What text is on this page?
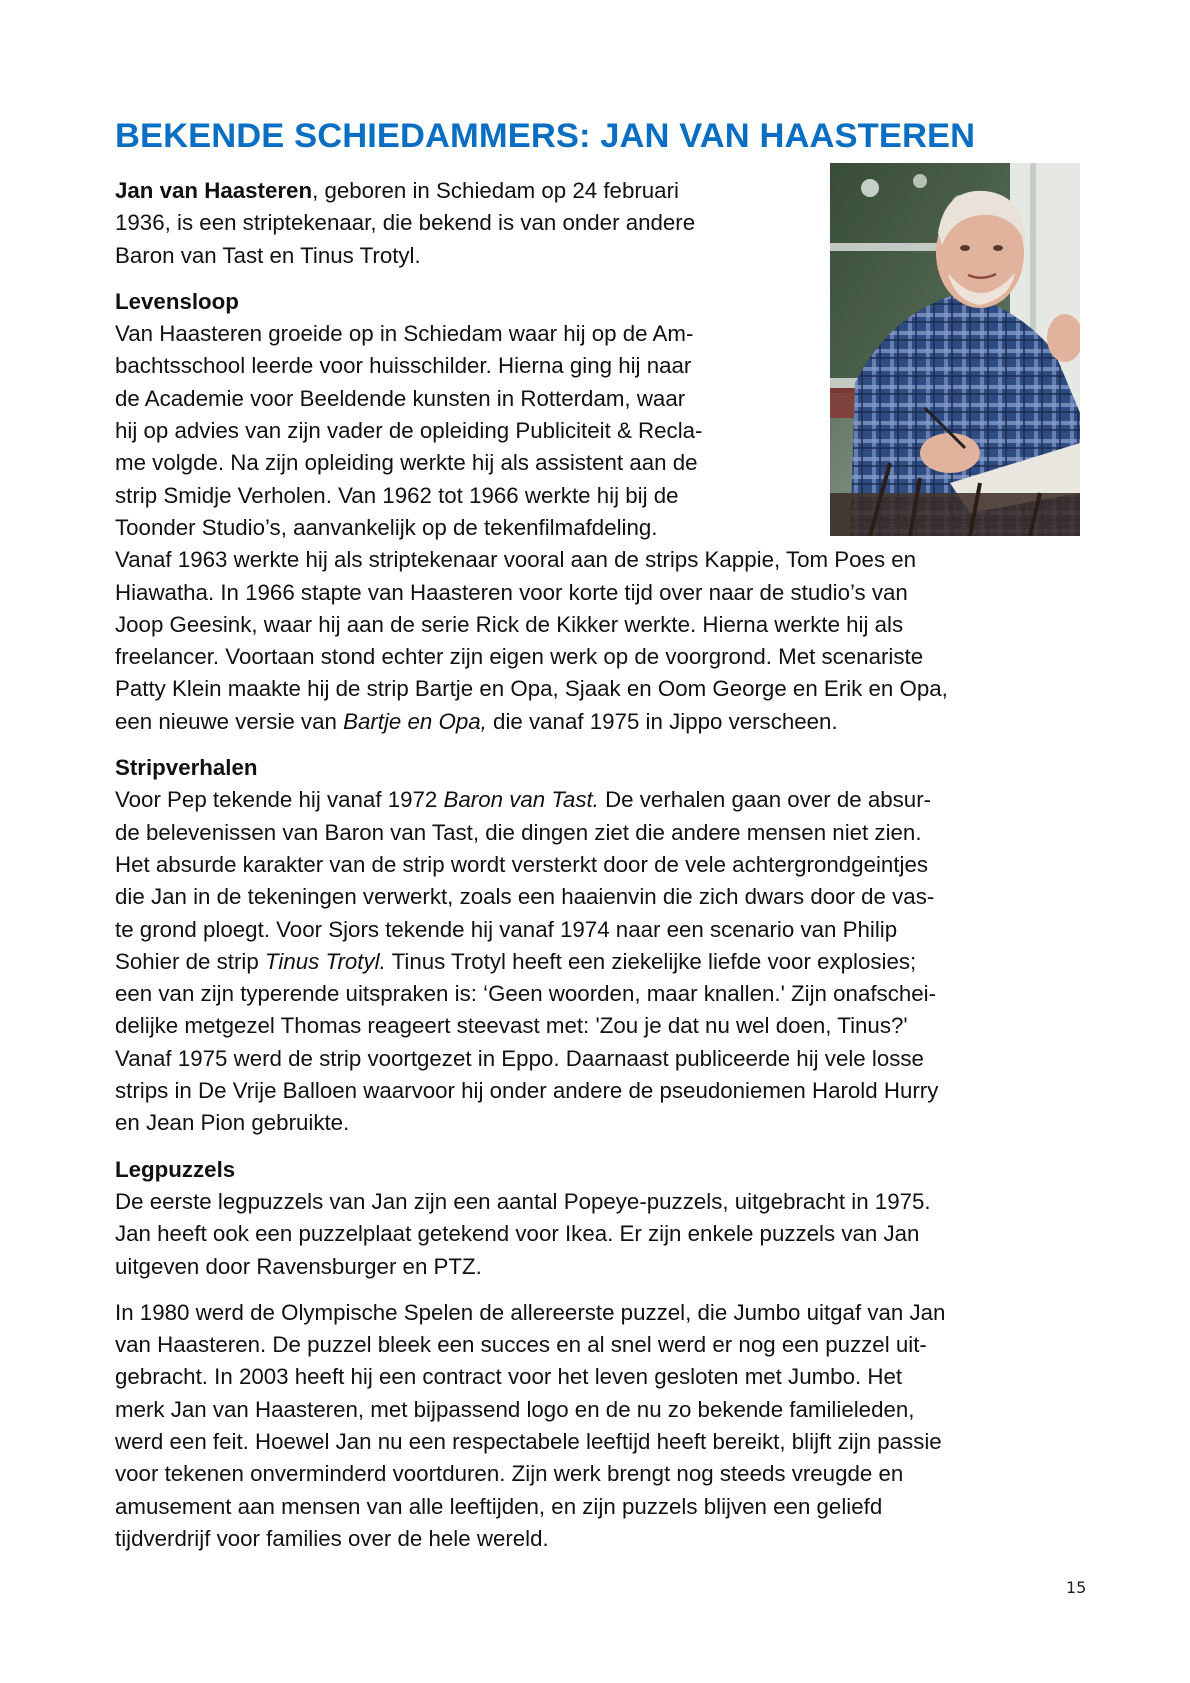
BEKENDE SCHIEDAMMERS: JAN VAN HAASTEREN

Jan van Haasteren, geboren in Schiedam op 24 februari
1936, is een striptekenaar, die bekend is van onder andere
Baron van Tast en Tinus Trotyl.

Levensloop
Van Haasteren groeide op in Schiedam waar hij op de Am-
bachtsschool leerde voor huisschilder. Hierna ging hij naar
de Academie voor Beeldende kunsten in Rotterdam, waar
hij op advies van zijn vader de opleiding Publiciteit & Recla-
me volgde. Na zijn opleiding werkte hij als assistent aan de
strip Smidje Verholen. Van 1962 tot 1966 werkte hij bij de
Toonder Studio’s, aanvankelijk op de tekenfilmafdeling.
Vanaf 1963 werkte hij als striptekenaar vooral aan de strips Kappie, Tom Poes en
Hiawatha. In 1966 stapte van Haasteren voor korte tijd over naar de studio’s van
Joop Geesink, waar hij aan de serie Rick de Kikker werkte. Hierna werkte hij als
freelancer. Voortaan stond echter zijn eigen werk op de voorgrond. Met scenariste
Patty Klein maakte hij de strip Bartje en Opa, Sjaak en Oom George en Erik en Opa,
een nieuwe versie van Bartje en Opa, die vanaf 1975 in Jippo verscheen.

Stripverhalen
Voor Pep tekende hij vanaf 1972 Baron van Tast. De verhalen gaan over de absur-
de belevenissen van Baron van Tast, die dingen ziet die andere mensen niet zien.
Het absurde karakter van de strip wordt versterkt door de vele achtergrondgeintjes
die Jan in de tekeningen verwerkt, zoals een haaienvin die zich dwars door de vas-
te grond ploegt. Voor Sjors tekende hij vanaf 1974 naar een scenario van Philip
Sohier de strip Tinus Trotyl. Tinus Trotyl heeft een ziekelijke liefde voor explosies;
een van zijn typerende uitspraken is: ‘Geen woorden, maar knallen.' Zijn onafschei-
delijke metgezel Thomas reageert steevast met: 'Zou je dat nu wel doen, Tinus?'
Vanaf 1975 werd de strip voortgezet in Eppo. Daarnaast publiceerde hij vele losse
strips in De Vrije Balloen waarvoor hij onder andere de pseudoniemen Harold Hurry
en Jean Pion gebruikte.

Legpuzzels
De eerste legpuzzels van Jan zijn een aantal Popeye-puzzels, uitgebracht in 1975.
Jan heeft ook een puzzelplaat getekend voor Ikea. Er zijn enkele puzzels van Jan
uitgeven door Ravensburger en PTZ.

In 1980 werd de Olympische Spelen de allereerste puzzel, die Jumbo uitgaf van Jan
van Haasteren. De puzzel bleek een succes en al snel werd er nog een puzzel uit-
gebracht. In 2003 heeft hij een contract voor het leven gesloten met Jumbo. Het
merk Jan van Haasteren, met bijpassend logo en de nu zo bekende familieleden,
werd een feit. Hoewel Jan nu een respectabele leeftijd heeft bereikt, blijft zijn passie
voor tekenen onverminderd voortduren. Zijn werk brengt nog steeds vreugde en
amusement aan mensen van alle leeftijden, en zijn puzzels blijven een geliefd
tijdverdrijf voor families over de hele wereld.

15
